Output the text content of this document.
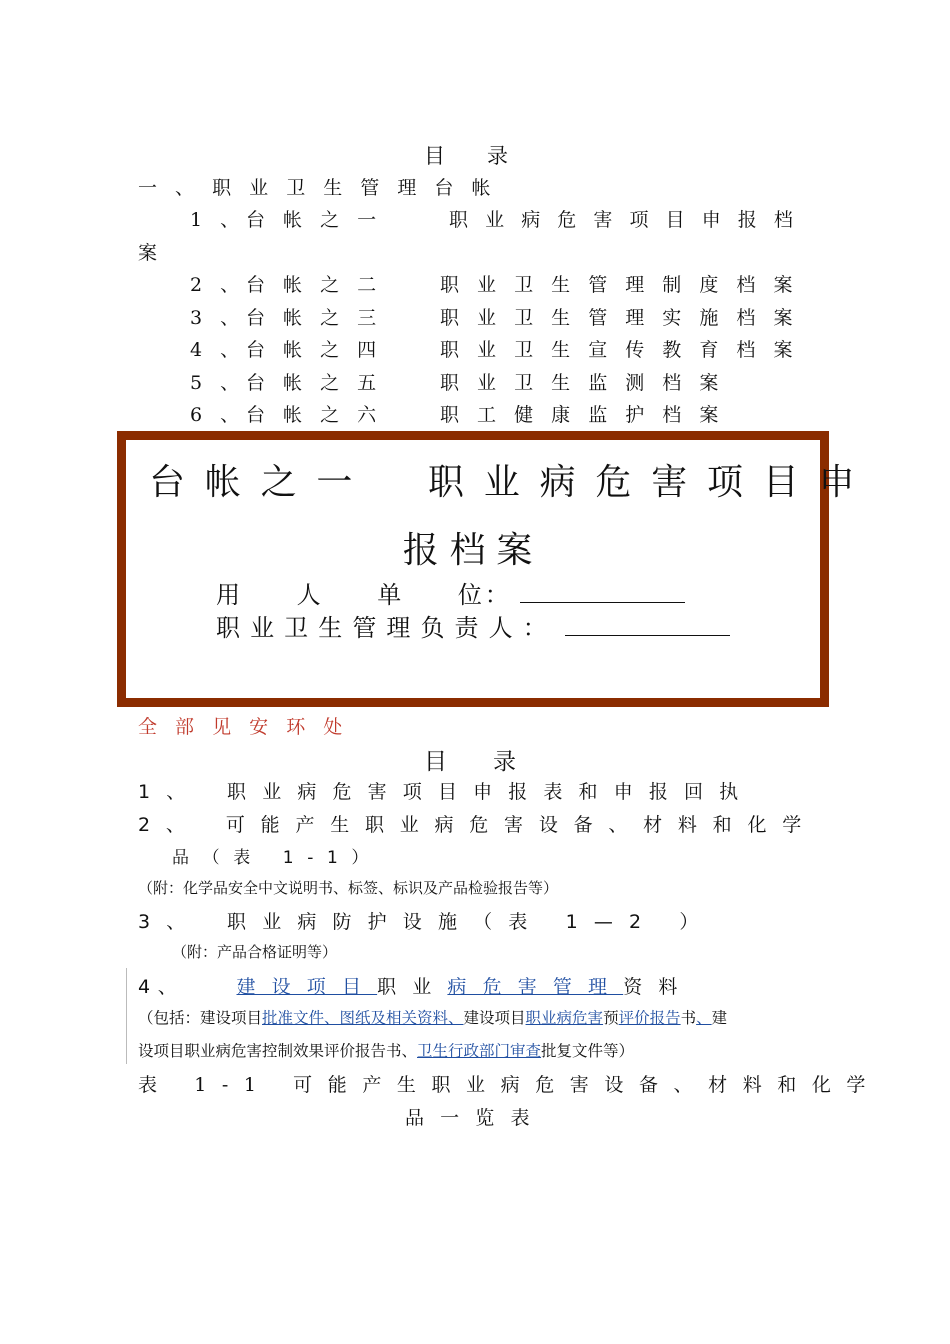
目　　录
一、职业卫生管理台帐
1、
台帐之一	职业病危害项目申报档
案
2、
台帐之二 职业卫生管理制度档案
3、
台帐之三 职业卫生管理实施档案
4、
台帐之四 职业卫生宣传教育档案
5、
台帐之五 职业卫生监测档案
6、
台帐之六 职工健康监护档案
台帐之一　职业病危害项目申
报档案
用　　人　　单　　位：
职业卫生管理负责人：
全部见安环处
目　　录
1、　职业病危害项目申报表和申报回执
2、　可能产生职业病危害设备、材料和化学
品（表 1-1）
（附：化学品安全中文说明书、标签、标识及产品检验报告等）
3、　职业病防护设施（表 1—2 ）
（附：产品合格证明等）
4、	建设项目职业病危害管理资料
（包括：建设项目批准文件、图纸及相关资料、建设项目职业病危害预评价报告书、建
设项目职业病危害控制效果评价报告书、卫生行政部门审查批复文件等）
表 1-1 可能产生职业病危害设备、材料和化学
品一览表
